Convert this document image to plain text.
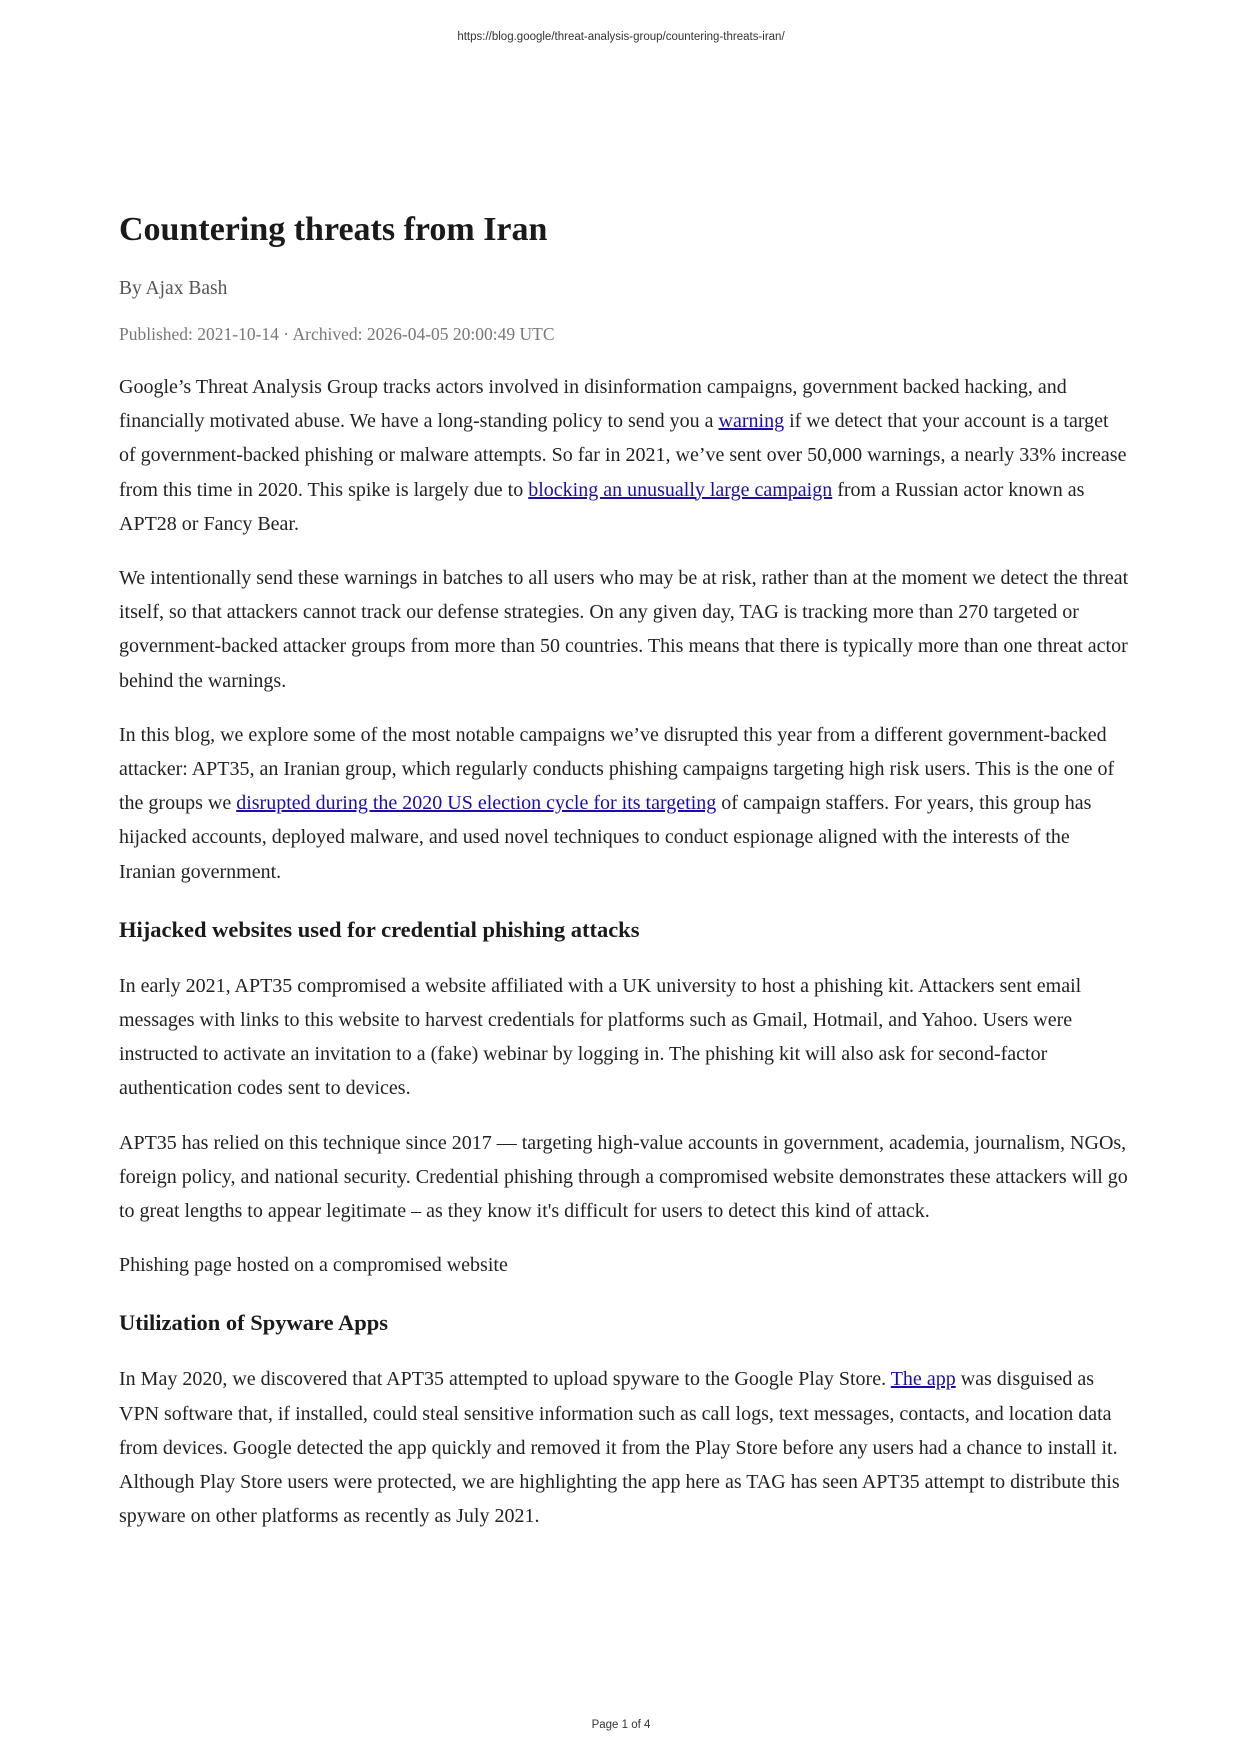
https://blog.google/threat-analysis-group/countering-threats-iran/
Countering threats from Iran
By Ajax Bash
Published: 2021-10-14 · Archived: 2026-04-05 20:00:49 UTC

Google’s Threat Analysis Group tracks actors involved in disinformation campaigns, government backed hacking, and financially motivated abuse. We have a long-standing policy to send you a warning if we detect that your account is a target of government-backed phishing or malware attempts. So far in 2021, we’ve sent over 50,000 warnings, a nearly 33% increase from this time in 2020. This spike is largely due to blocking an unusually large campaign from a Russian actor known as APT28 or Fancy Bear.

We intentionally send these warnings in batches to all users who may be at risk, rather than at the moment we detect the threat itself, so that attackers cannot track our defense strategies. On any given day, TAG is tracking more than 270 targeted or government-backed attacker groups from more than 50 countries. This means that there is typically more than one threat actor behind the warnings.

In this blog, we explore some of the most notable campaigns we’ve disrupted this year from a different government-backed attacker: APT35, an Iranian group, which regularly conducts phishing campaigns targeting high risk users. This is the one of the groups we disrupted during the 2020 US election cycle for its targeting of campaign staffers. For years, this group has hijacked accounts, deployed malware, and used novel techniques to conduct espionage aligned with the interests of the Iranian government.

Hijacked websites used for credential phishing attacks

In early 2021, APT35 compromised a website affiliated with a UK university to host a phishing kit. Attackers sent email messages with links to this website to harvest credentials for platforms such as Gmail, Hotmail, and Yahoo. Users were instructed to activate an invitation to a (fake) webinar by logging in. The phishing kit will also ask for second-factor authentication codes sent to devices.

APT35 has relied on this technique since 2017 — targeting high-value accounts in government, academia, journalism, NGOs, foreign policy, and national security. Credential phishing through a compromised website demonstrates these attackers will go to great lengths to appear legitimate – as they know it's difficult for users to detect this kind of attack.

Phishing page hosted on a compromised website

Utilization of Spyware Apps

In May 2020, we discovered that APT35 attempted to upload spyware to the Google Play Store. The app was disguised as VPN software that, if installed, could steal sensitive information such as call logs, text messages, contacts, and location data from devices. Google detected the app quickly and removed it from the Play Store before any users had a chance to install it. Although Play Store users were protected, we are highlighting the app here as TAG has seen APT35 attempt to distribute this spyware on other platforms as recently as July 2021.

Page 1 of 4
